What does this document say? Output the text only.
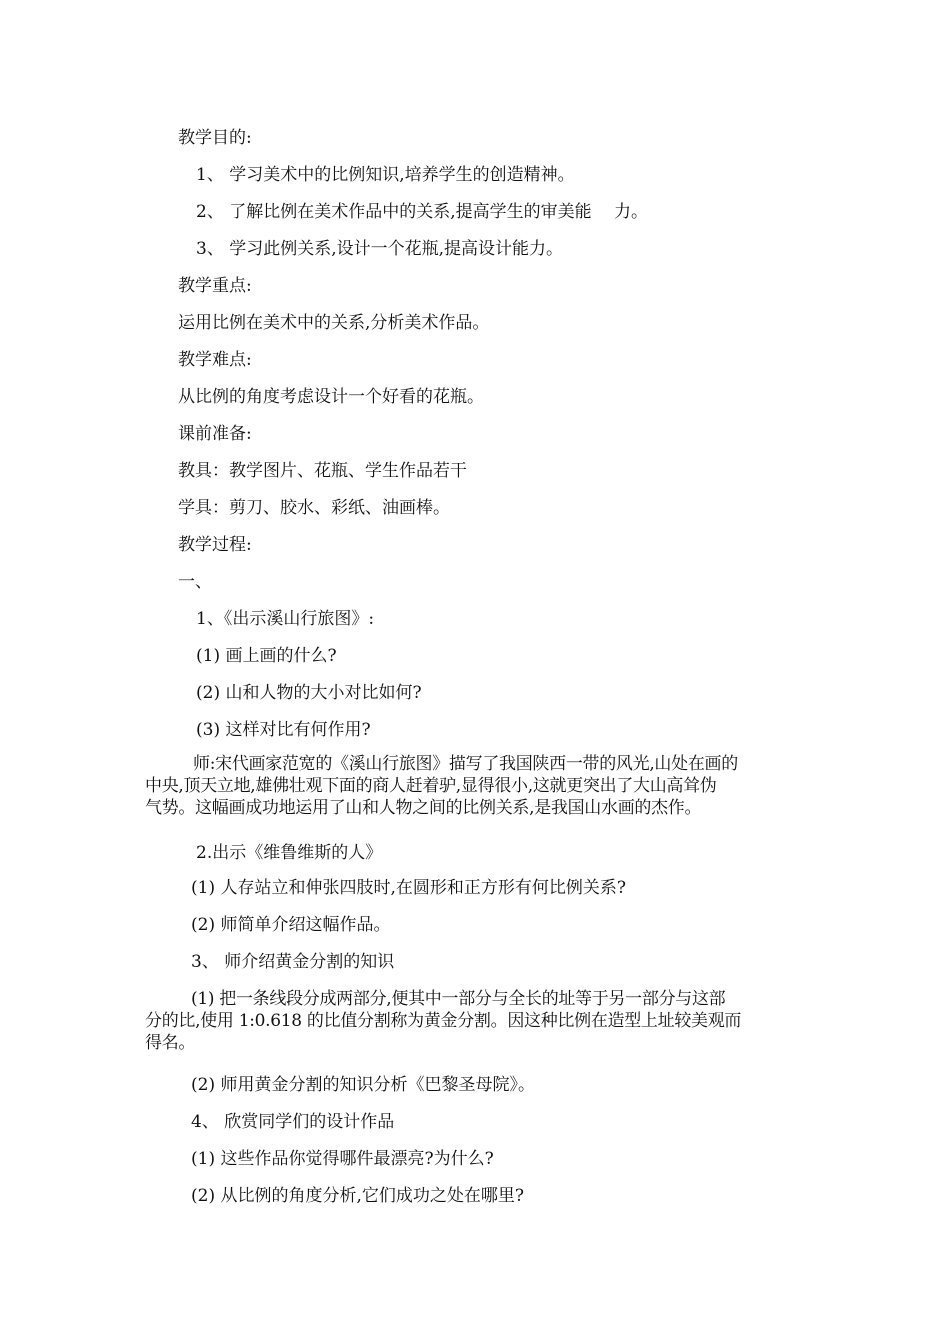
教学目的:
1、 学习美术中的比例知识,培养学生的创造精神。
2、 了解比例在美术作品中的关系,提高学生的审美能　 力。
3、 学习此例关系,设计一个花瓶,提高设计能力。
教学重点:
运用比例在美术中的关系,分析美术作品。
教学难点:
从比例的角度考虑设计一个好看的花瓶。
课前准备:
教具：教学图片、花瓶、学生作品若干
学具：剪刀、胶水、彩纸、油画棒。
教学过程:
一、
1、《出示溪山行旅图》:
(1) 画上画的什么?
(2) 山和人物的大小对比如何?
(3) 这样对比有何作用?
师:宋代画家范宽的《溪山行旅图》描写了我国陕西一带的风光,山处在画的
中央,顶天立地,雄佛壮观下面的商人赶着驴,显得很小,这就更突出了大山高耸伪
气势。这幅画成功地运用了山和人物之间的比例关系,是我国山水画的杰作。
2.出示《维鲁维斯的人》
(1) 人存站立和伸张四肢时,在圆形和正方形有何比例关系?
(2) 师简单介绍这幅作品。
3、 师介绍黄金分割的知识
(1) 把一条线段分成两部分,便其中一部分与全长的址等于另一部分与这部
分的比,使用 1:0.618 的比值分割称为黄金分割。因这种比例在造型上址较美观而
得名。
(2) 师用黄金分割的知识分析《巴黎圣母院》。
4、 欣赏同学们的设计作品
(1) 这些作品你觉得哪件最漂亮?为什么?
(2) 从比例的角度分析,它们成功之处在哪里?
